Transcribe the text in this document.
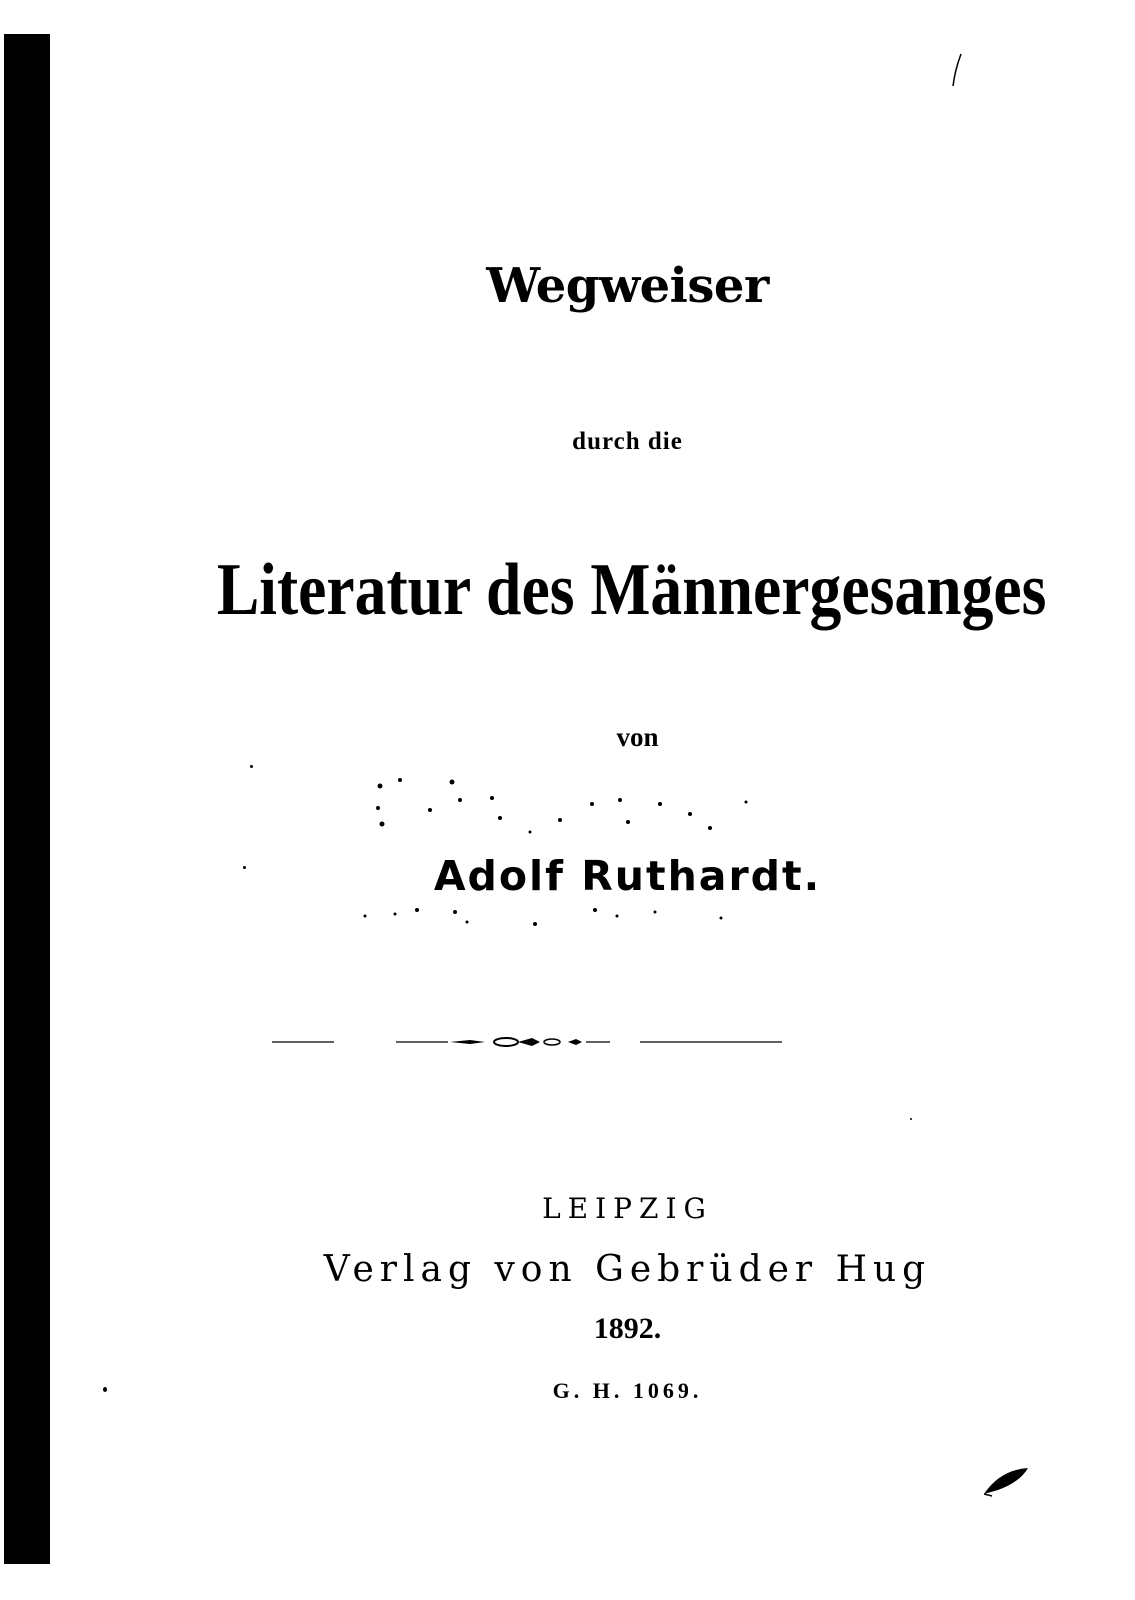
Wegweiser
durch die
Literatur des Männergesanges
von
Adolf Ruthardt.
LEIPZIG
Verlag von Gebrüder Hug
1892.
G. H. 1069.
